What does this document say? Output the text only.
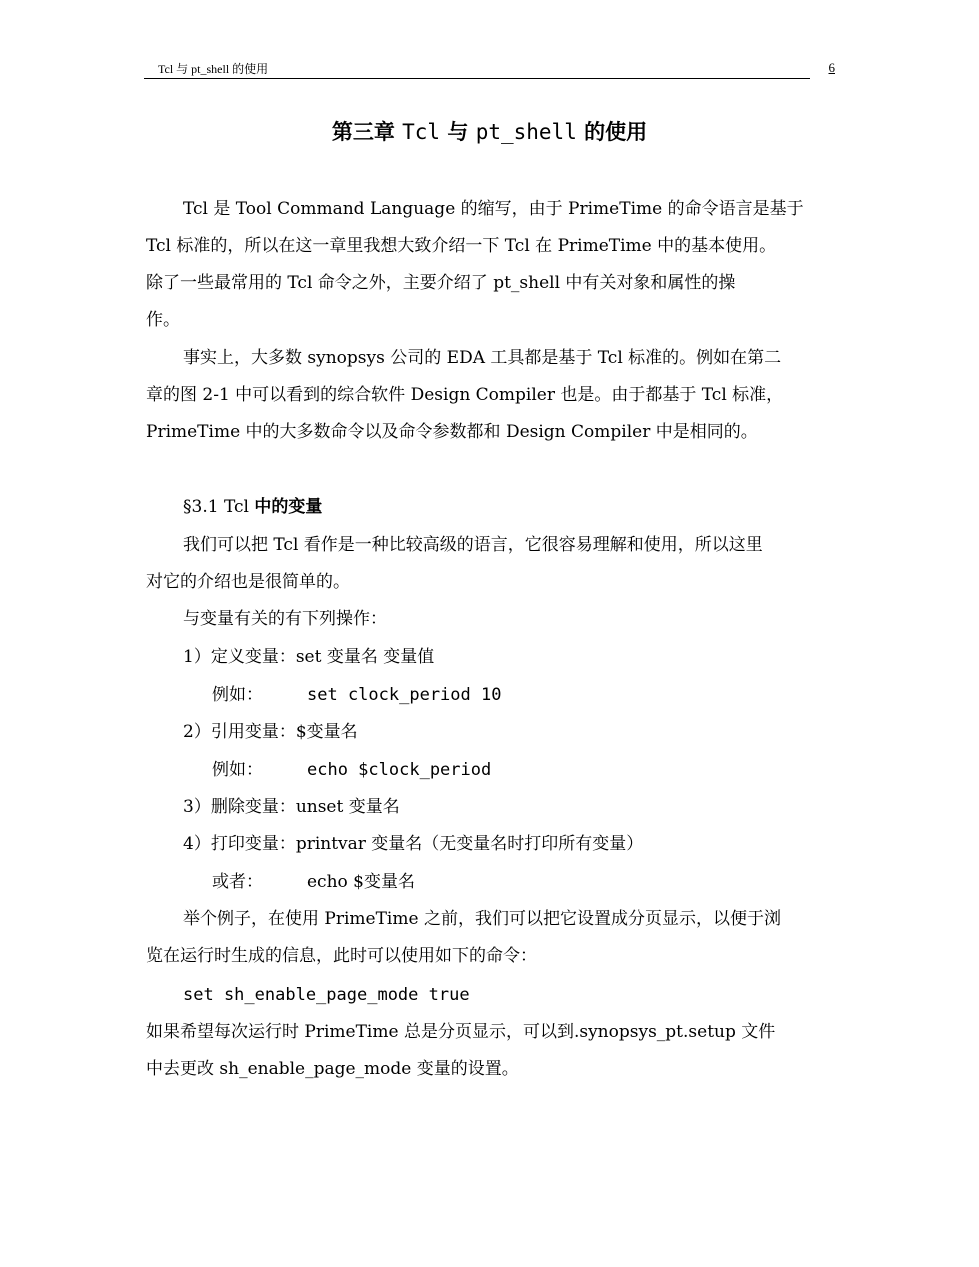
Tcl 与 pt_shell 的使用	6
第三章 Tcl 与 pt_shell 的使用
Tcl 是 Tool Command Language 的缩写，由于 PrimeTime 的命令语言是基于
Tcl 标准的，所以在这一章里我想大致介绍一下 Tcl 在 PrimeTime 中的基本使用。
除了一些最常用的 Tcl 命令之外，主要介绍了 pt_shell 中有关对象和属性的操
作。
事实上，大多数 synopsys 公司的 EDA 工具都是基于 Tcl 标准的。例如在第二
章的图 2-1 中可以看到的综合软件 Design Compiler 也是。由于都基于 Tcl 标准，
PrimeTime 中的大多数命令以及命令参数都和 Design Compiler 中是相同的。
§3.1 Tcl 中的变量
我们可以把 Tcl 看作是一种比较高级的语言，它很容易理解和使用，所以这里
对它的介绍也是很简单的。
与变量有关的有下列操作：
1）定义变量：set 变量名 变量值
例如：	set clock_period 10
2）引用变量：$变量名
例如：	echo $clock_period
3）删除变量：unset 变量名
4）打印变量：printvar 变量名（无变量名时打印所有变量）
或者：	echo $变量名
举个例子，在使用 PrimeTime 之前，我们可以把它设置成分页显示，以便于浏
览在运行时生成的信息，此时可以使用如下的命令：
set sh_enable_page_mode true
如果希望每次运行时 PrimeTime 总是分页显示，可以到.synopsys_pt.setup 文件
中去更改 sh_enable_page_mode 变量的设置。
